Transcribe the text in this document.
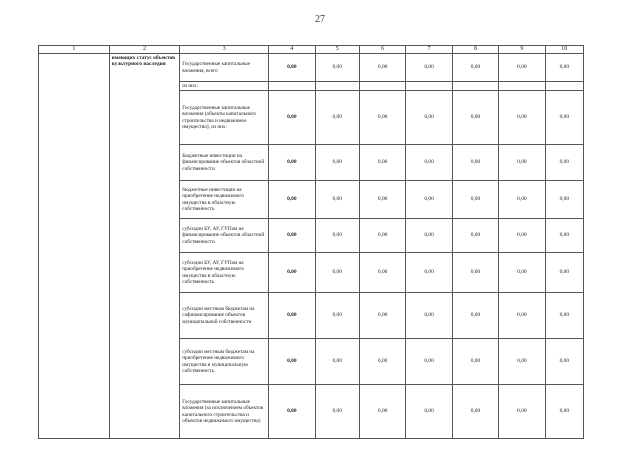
27
1	2	3	4	5	6	7	8	9	10
	имеющих статус объектов культурного наследия	Государственные капитальные вложения, всего	0,00	0,00	0,00	0,00	0,00	0,00	0,00
		из них:							
		Государственные капитальные вложения (объекты капитального строительства и недвижимое имущество), из них:	0,00	0,00	0,00	0,00	0,00	0,00	0,00
		Бюджетные инвестиции на финансирование объектов областной собственности	0,00	0,00	0,00	0,00	0,00	0,00	0,00
		бюджетные инвестиции на приобретение недвижимого имущества в областную собственность	0,00	0,00	0,00	0,00	0,00	0,00	0,00
		субсидии БУ, АУ, ГУПам на финансирование объектов областной собственности	0,00	0,00	0,00	0,00	0,00	0,00	0,00
		субсидии БУ, АУ, ГУПам на приобретение недвижимого имущества в областную собственность	0,00	0,00	0,00	0,00	0,00	0,00	0,00
		субсидии местным бюджетам на софинансирование объектов муниципальной собственности	0,00	0,00	0,00	0,00	0,00	0,00	0,00
		субсидии местным бюджетам на приобретение недвижимого имущества в муниципальную собственность	0,00	0,00	0,00	0,00	0,00	0,00	0,00
		Государственные капитальные вложения (за исключением объектов капитального строительства и объектов недвижимого имущества)	0,00	0,00	0,00	0,00	0,00	0,00	0,00
